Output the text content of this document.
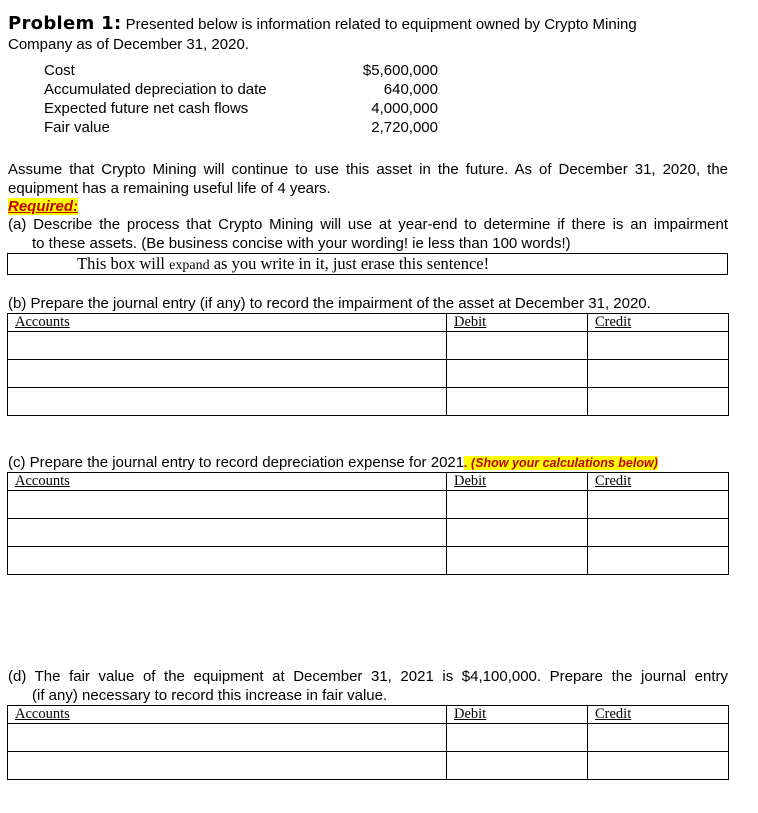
Problem 1: Presented below is information related to equipment owned by Crypto Mining
Company as of December 31, 2020.
Cost	$5,600,000
Accumulated depreciation to date	640,000
Expected future net cash flows	4,000,000
Fair value	2,720,000
Assume that Crypto Mining will continue to use this asset in the future. As of December 31, 2020, the
equipment has a remaining useful life of 4 years.
Required:
(a) Describe the process that Crypto Mining will use at year-end to determine if there is an impairment
to these assets. (Be business concise with your wording! ie less than 100 words!)
This box will expand as you write in it, just erase this sentence!
(b) Prepare the journal entry (if any) to record the impairment of the asset at December 31, 2020.
Accounts	Debit	Credit

(c) Prepare the journal entry to record depreciation expense for 2021. (Show your calculations below)
Accounts	Debit	Credit

(d) The fair value of the equipment at December 31, 2021 is $4,100,000. Prepare the journal entry
(if any) necessary to record this increase in fair value.
Accounts	Debit	Credit
